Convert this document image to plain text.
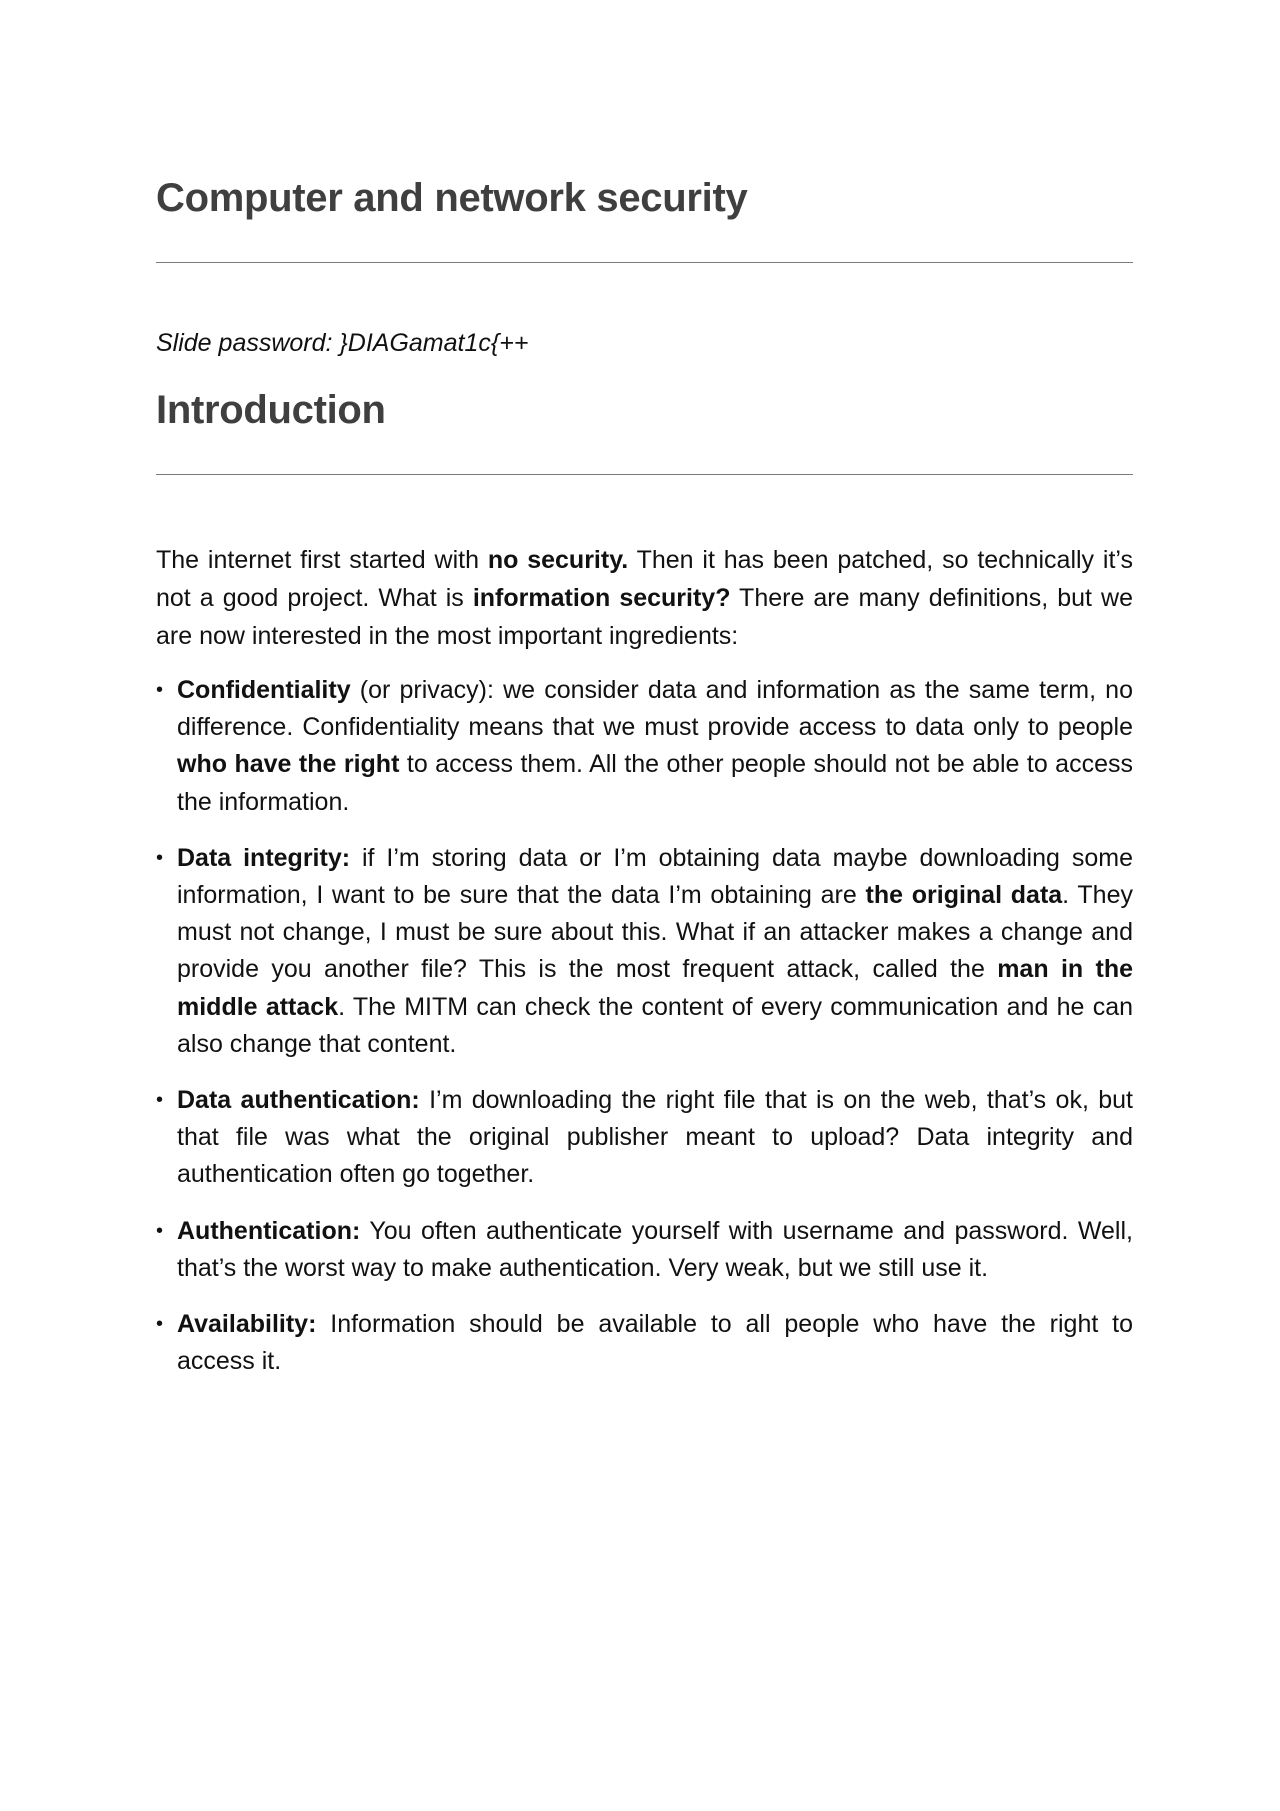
Computer and network security

Slide password: }DIAGamat1c{++

Introduction

The internet first started with no security. Then it has been patched, so technically it’s not a good project. What is information security? There are many definitions, but we are now interested in the most important ingredients:

• Confidentiality (or privacy): we consider data and information as the same term, no difference. Confidentiality means that we must provide access to data only to people who have the right to access them. All the other people should not be able to access the information.
• Data integrity: if I’m storing data or I’m obtaining data maybe downloading some information, I want to be sure that the data I’m obtaining are the original data. They must not change, I must be sure about this. What if an attacker makes a change and provide you another file? This is the most frequent attack, called the man in the middle attack. The MITM can check the content of every communication and he can also change that content.
• Data authentication: I’m downloading the right file that is on the web, that’s ok, but that file was what the original publisher meant to upload? Data integrity and authentication often go together.
• Authentication: You often authenticate yourself with username and password. Well, that’s the worst way to make authentication. Very weak, but we still use it.
• Availability: Information should be available to all people who have the right to access it.
